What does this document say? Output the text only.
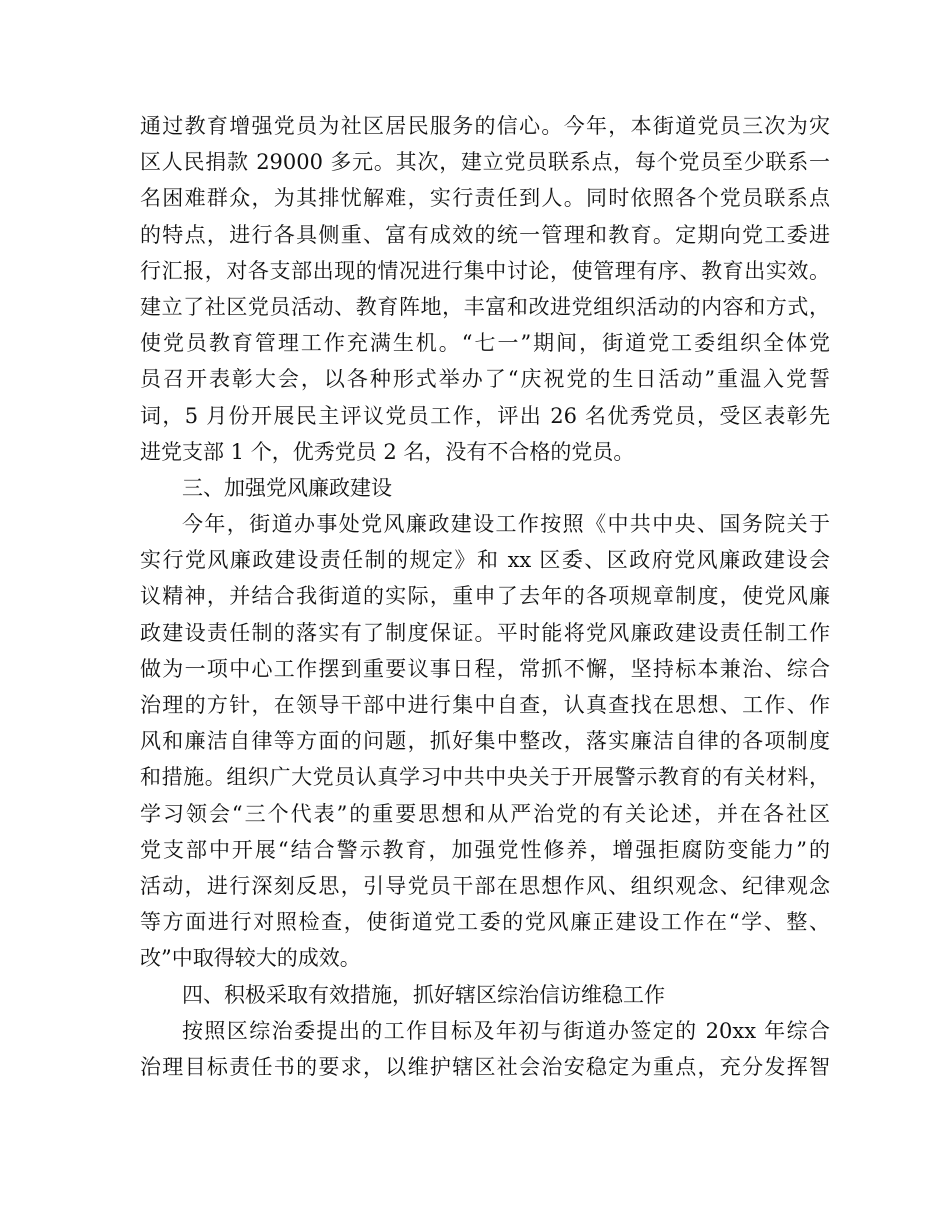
通过教育增强党员为社区居民服务的信心。今年，本街道党员三次为灾
区人民捐款 29000 多元。其次，建立党员联系点，每个党员至少联系一
名困难群众，为其排忧解难，实行责任到人。同时依照各个党员联系点
的特点，进行各具侧重、富有成效的统一管理和教育。定期向党工委进
行汇报，对各支部出现的情况进行集中讨论，使管理有序、教育出实效。
建立了社区党员活动、教育阵地，丰富和改进党组织活动的内容和方式，
使党员教育管理工作充满生机。“七一”期间，街道党工委组织全体党
员召开表彰大会，以各种形式举办了“庆祝党的生日活动”重温入党誓
词，5 月份开展民主评议党员工作，评出 26 名优秀党员，受区表彰先
进党支部 1 个，优秀党员 2 名，没有不合格的党员。
三、加强党风廉政建设
今年，街道办事处党风廉政建设工作按照《中共中央、国务院关于
实行党风廉政建设责任制的规定》和 xx 区委、区政府党风廉政建设会
议精神，并结合我街道的实际，重申了去年的各项规章制度，使党风廉
政建设责任制的落实有了制度保证。平时能将党风廉政建设责任制工作
做为一项中心工作摆到重要议事日程，常抓不懈，坚持标本兼治、综合
治理的方针，在领导干部中进行集中自查，认真查找在思想、工作、作
风和廉洁自律等方面的问题，抓好集中整改，落实廉洁自律的各项制度
和措施。组织广大党员认真学习中共中央关于开展警示教育的有关材料，
学习领会“三个代表”的重要思想和从严治党的有关论述，并在各社区
党支部中开展“结合警示教育，加强党性修养，增强拒腐防变能力”的
活动，进行深刻反思，引导党员干部在思想作风、组织观念、纪律观念
等方面进行对照检查，使街道党工委的党风廉正建设工作在“学、整、
改”中取得较大的成效。
四、积极采取有效措施，抓好辖区综治信访维稳工作
按照区综治委提出的工作目标及年初与街道办签定的 20xx 年综合
治理目标责任书的要求，以维护辖区社会治安稳定为重点，充分发挥智
